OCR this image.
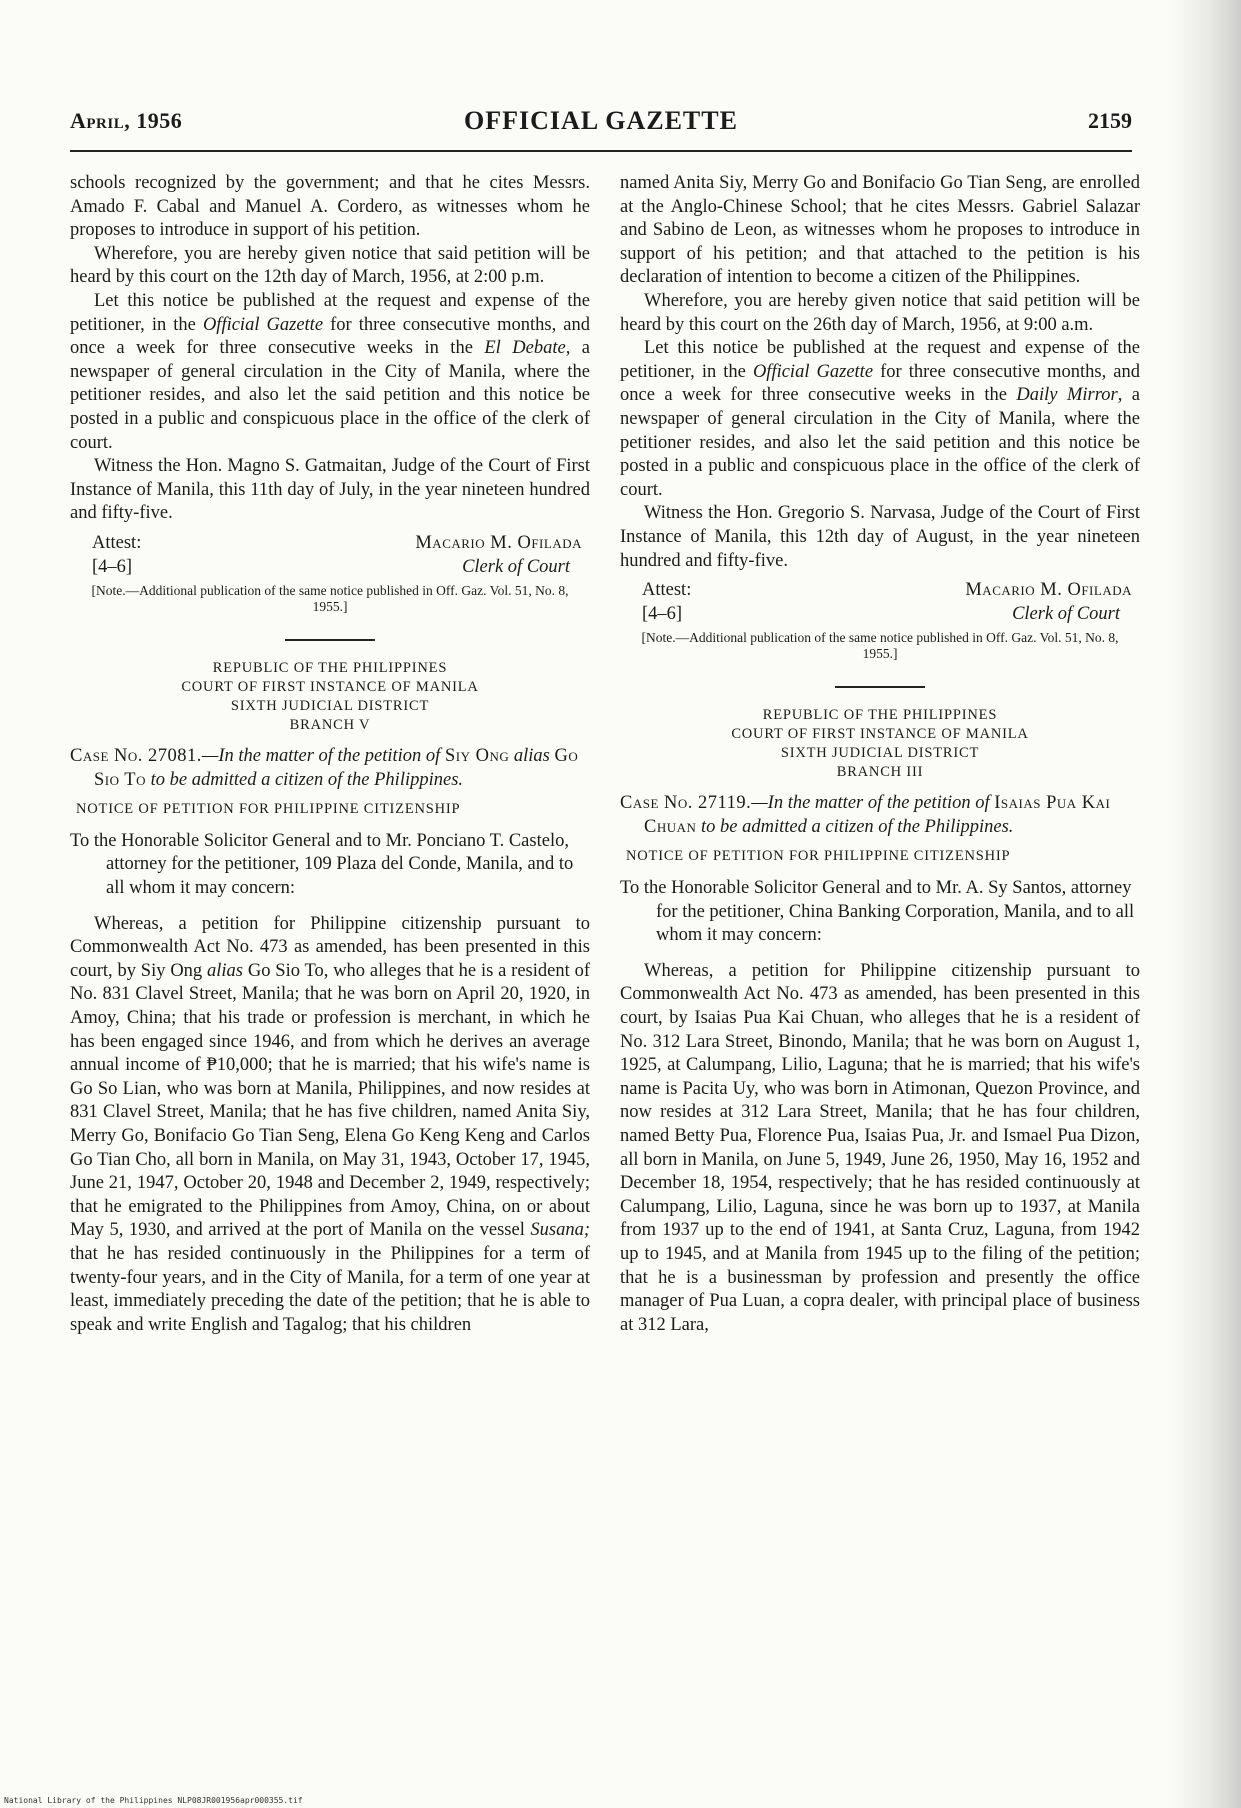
April, 1956	OFFICIAL GAZETTE	2159

schools recognized by the government; and that he cites Messrs. Amado F. Cabal and Manuel A. Cordero, as witnesses whom he proposes to introduce in support of his petition.

Wherefore, you are hereby given notice that said petition will be heard by this court on the 12th day of March, 1956, at 2:00 p.m.

Let this notice be published at the request and expense of the petitioner, in the Official Gazette for three consecutive months, and once a week for three consecutive weeks in the El Debate, a newspaper of general circulation in the City of Manila, where the petitioner resides, and also let the said petition and this notice be posted in a public and conspicuous place in the office of the clerk of court.

Witness the Hon. Magno S. Gatmaitan, Judge of the Court of First Instance of Manila, this 11th day of July, in the year nineteen hundred and fifty-five.

Attest:	Macario M. Ofilada
[4–6]	Clerk of Court
[Note.—Additional publication of the same notice published in Off. Gaz. Vol. 51, No. 8, 1955.]
REPUBLIC OF THE PHILIPPINES
COURT OF FIRST INSTANCE OF MANILA
SIXTH JUDICIAL DISTRICT
BRANCH V

Case No. 27081.—In the matter of the petition of Siy Ong alias Go Sio To to be admitted a citizen of the Philippines.

NOTICE OF PETITION FOR PHILIPPINE CITIZENSHIP

To the Honorable Solicitor General and to Mr. Ponciano T. Castelo, attorney for the petitioner, 109 Plaza del Conde, Manila, and to all whom it may concern:

Whereas, a petition for Philippine citizenship pursuant to Commonwealth Act No. 473 as amended, has been presented in this court, by Siy Ong alias Go Sio To, who alleges that he is a resident of No. 831 Clavel Street, Manila; that he was born on April 20, 1920, in Amoy, China; that his trade or profession is merchant, in which he has been engaged since 1946, and from which he derives an average annual income of ₱10,000; that he is married; that his wife's name is Go So Lian, who was born at Manila, Philippines, and now resides at 831 Clavel Street, Manila; that he has five children, named Anita Siy, Merry Go, Bonifacio Go Tian Seng, Elena Go Keng Keng and Carlos Go Tian Cho, all born in Manila, on May 31, 1943, October 17, 1945, June 21, 1947, October 20, 1948 and December 2, 1949, respectively; that he emigrated to the Philippines from Amoy, China, on or about May 5, 1930, and arrived at the port of Manila on the vessel Susana; that he has resided continuously in the Philippines for a term of twenty-four years, and in the City of Manila, for a term of one year at least, immediately preceding the date of the petition; that he is able to speak and write English and Tagalog; that his children

named Anita Siy, Merry Go and Bonifacio Go Tian Seng, are enrolled at the Anglo-Chinese School; that he cites Messrs. Gabriel Salazar and Sabino de Leon, as witnesses whom he proposes to introduce in support of his petition; and that attached to the petition is his declaration of intention to become a citizen of the Philippines.

Wherefore, you are hereby given notice that said petition will be heard by this court on the 26th day of March, 1956, at 9:00 a.m.

Let this notice be published at the request and expense of the petitioner, in the Official Gazette for three consecutive months, and once a week for three consecutive weeks in the Daily Mirror, a newspaper of general circulation in the City of Manila, where the petitioner resides, and also let the said petition and this notice be posted in a public and conspicuous place in the office of the clerk of court.

Witness the Hon. Gregorio S. Narvasa, Judge of the Court of First Instance of Manila, this 12th day of August, in the year nineteen hundred and fifty-five.

Attest:	Macario M. Ofilada
[4–6]	Clerk of Court
[Note.—Additional publication of the same notice published in Off. Gaz. Vol. 51, No. 8, 1955.]
REPUBLIC OF THE PHILIPPINES
COURT OF FIRST INSTANCE OF MANILA
SIXTH JUDICIAL DISTRICT
BRANCH III

Case No. 27119.—In the matter of the petition of Isaias Pua Kai Chuan to be admitted a citizen of the Philippines.

NOTICE OF PETITION FOR PHILIPPINE CITIZENSHIP

To the Honorable Solicitor General and to Mr. A. Sy Santos, attorney for the petitioner, China Banking Corporation, Manila, and to all whom it may concern:

Whereas, a petition for Philippine citizenship pursuant to Commonwealth Act No. 473 as amended, has been presented in this court, by Isaias Pua Kai Chuan, who alleges that he is a resident of No. 312 Lara Street, Binondo, Manila; that he was born on August 1, 1925, at Calumpang, Lilio, Laguna; that he is married; that his wife's name is Pacita Uy, who was born in Atimonan, Quezon Province, and now resides at 312 Lara Street, Manila; that he has four children, named Betty Pua, Florence Pua, Isaias Pua, Jr. and Ismael Pua Dizon, all born in Manila, on June 5, 1949, June 26, 1950, May 16, 1952 and December 18, 1954, respectively; that he has resided continuously at Calumpang, Lilio, Laguna, since he was born up to 1937, at Manila from 1937 up to the end of 1941, at Santa Cruz, Laguna, from 1942 up to 1945, and at Manila from 1945 up to the filing of the petition; that he is a businessman by profession and presently the office manager of Pua Luan, a copra dealer, with principal place of business at 312 Lara,

National Library of the Philippines NLP08JR001956apr000355.tif
